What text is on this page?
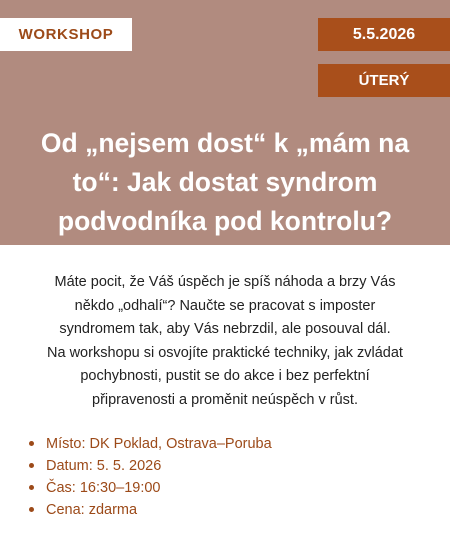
WORKSHOP	5.5.2026
ÚTERÝ
Od „nejsem dost“ k „mám na
to“: Jak dostat syndrom
podvodníka pod kontrolu?
Máte pocit, že Váš úspěch je spíš náhoda a brzy Vás
někdo „odhalí“? Naučte se pracovat s imposter
syndromem tak, aby Vás nebrzdil, ale posouval dál.
Na workshopu si osvojíte praktické techniky, jak zvládat
pochybnosti, pustit se do akce i bez perfektní
připravenosti a proměnit neúspěch v růst.
Místo: DK Poklad, Ostrava–Poruba
Datum: 5. 5. 2026
Čas: 16:30–19:00
Cena: zdarma
